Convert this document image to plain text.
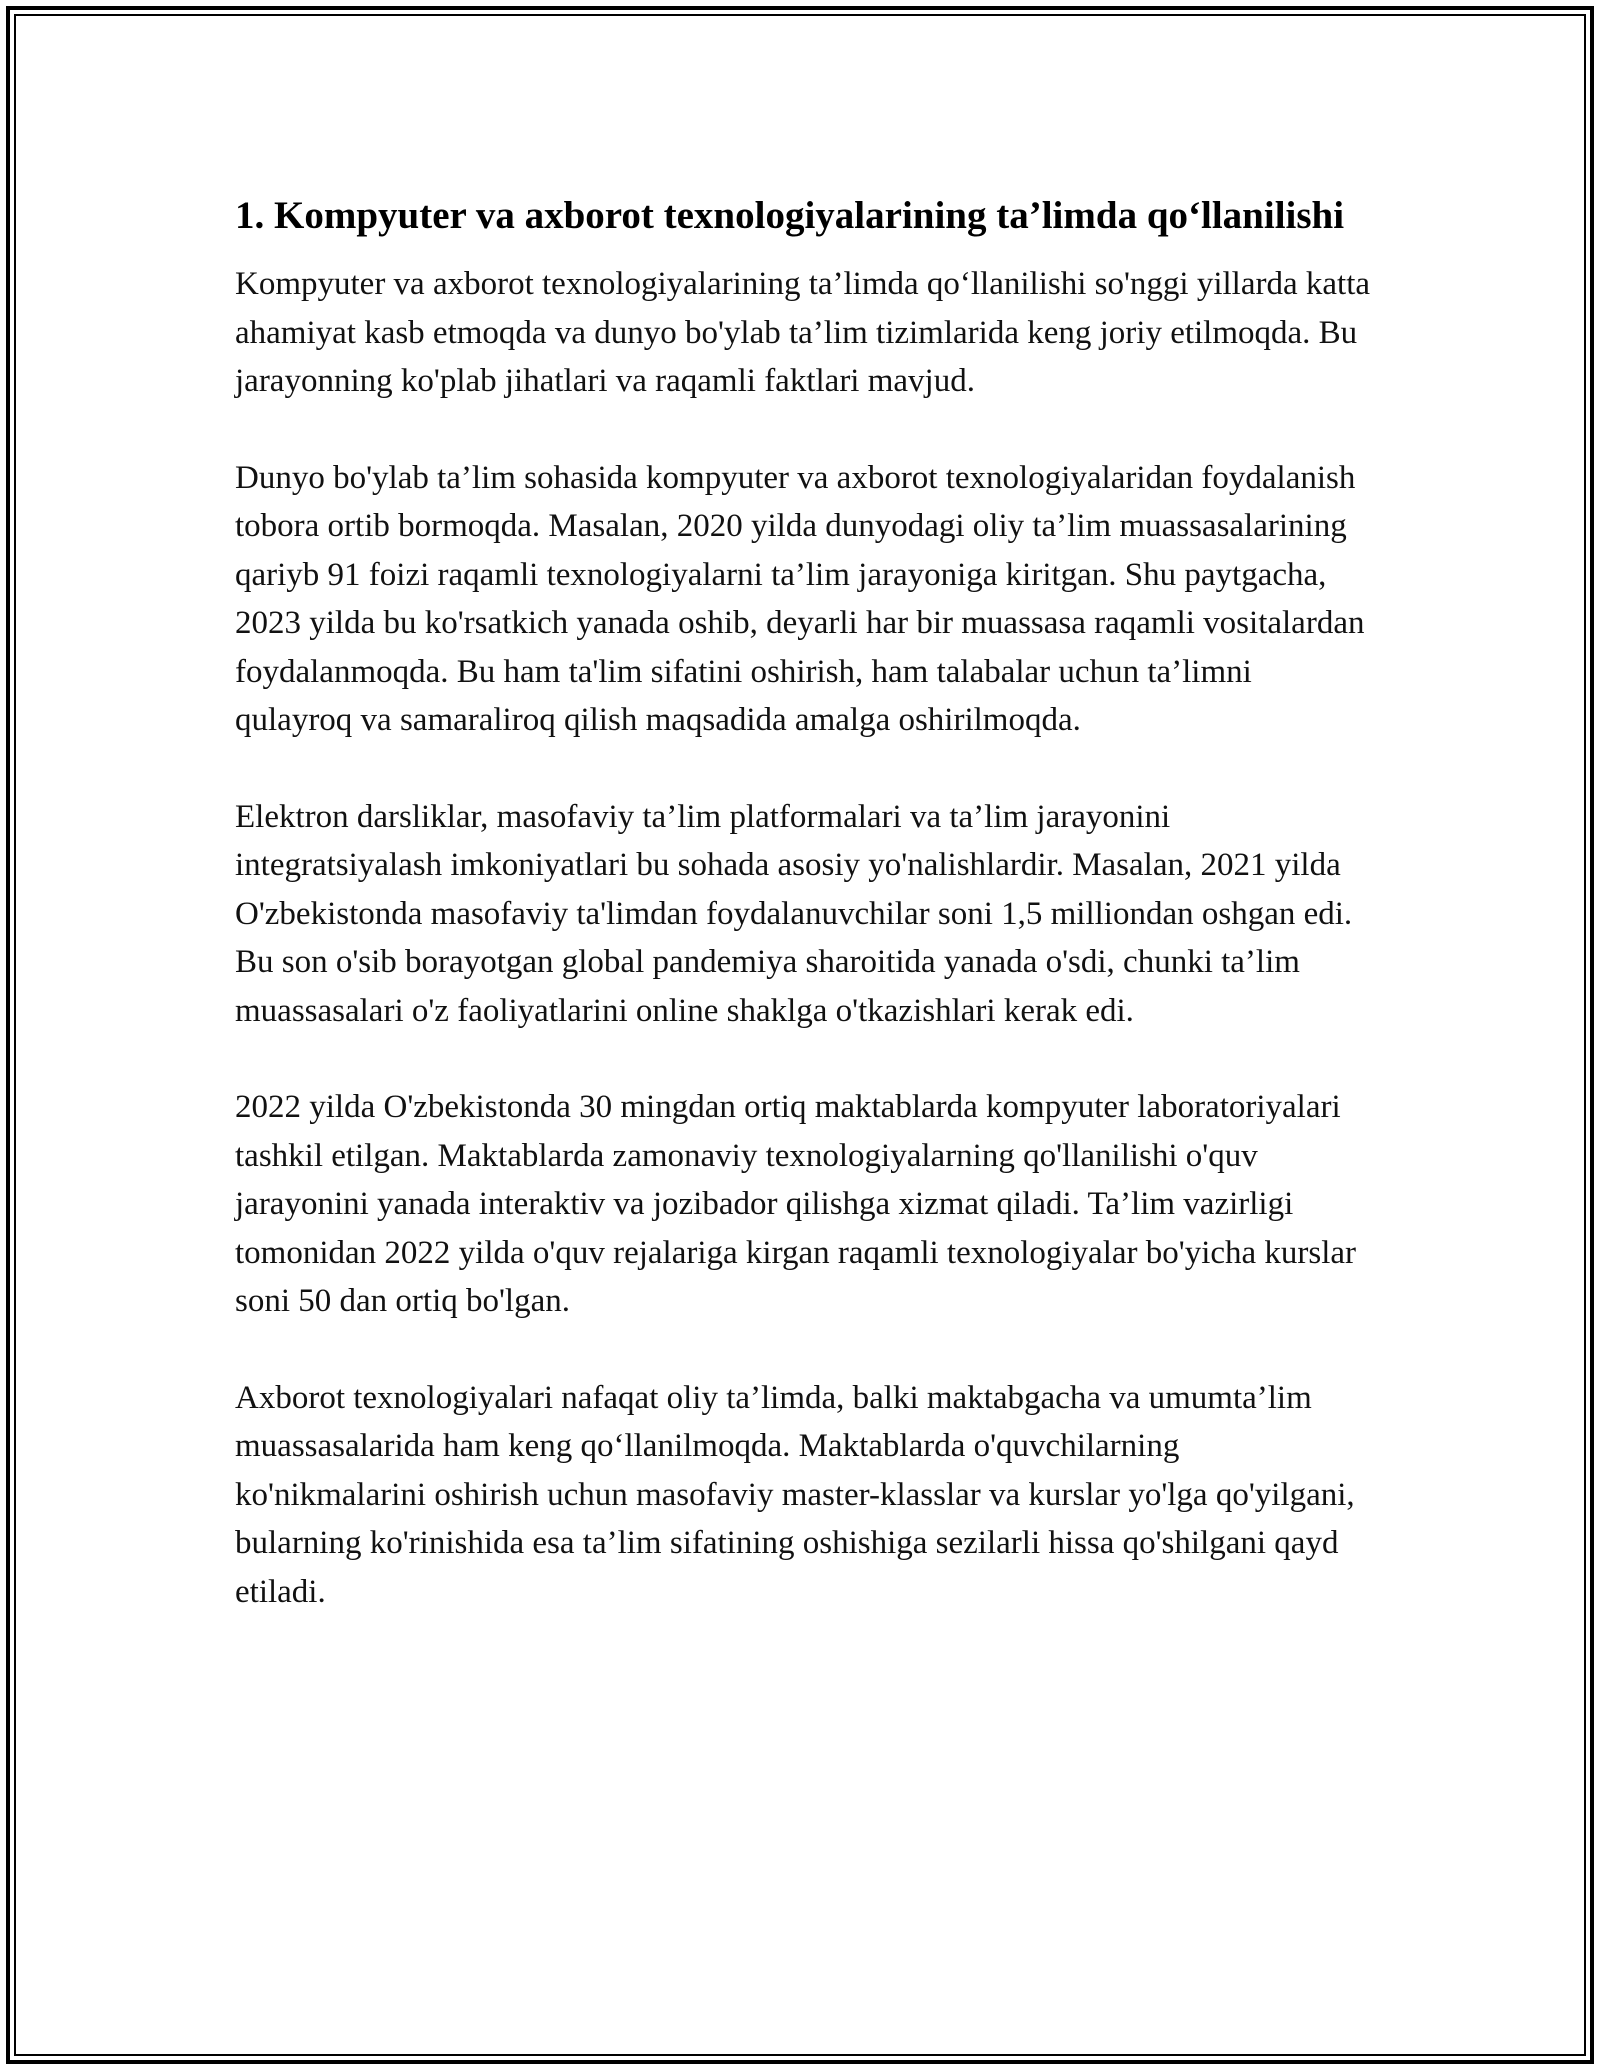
1. Kompyuter va axborot texnologiyalarining ta’limda qo‘llanilishi

Kompyuter va axborot texnologiyalarining ta’limda qo‘llanilishi so'nggi yillarda katta ahamiyat kasb etmoqda va dunyo bo'ylab ta’lim tizimlarida keng joriy etilmoqda. Bu jarayonning ko'plab jihatlari va raqamli faktlari mavjud.

Dunyo bo'ylab ta’lim sohasida kompyuter va axborot texnologiyalaridan foydalanish tobora ortib bormoqda. Masalan, 2020 yilda dunyodagi oliy ta’lim muassasalarining qariyb 91 foizi raqamli texnologiyalarni ta’lim jarayoniga kiritgan. Shu paytgacha, 2023 yilda bu ko'rsatkich yanada oshib, deyarli har bir muassasa raqamli vositalardan foydalanmoqda. Bu ham ta'lim sifatini oshirish, ham talabalar uchun ta’limni qulayroq va samaraliroq qilish maqsadida amalga oshirilmoqda.

Elektron darsliklar, masofaviy ta’lim platformalari va ta’lim jarayonini integratsiyalash imkoniyatlari bu sohada asosiy yo'nalishlardir. Masalan, 2021 yilda O'zbekistonda masofaviy ta'limdan foydalanuvchilar soni 1,5 milliondan oshgan edi. Bu son o'sib borayotgan global pandemiya sharoitida yanada o'sdi, chunki ta’lim muassasalari o'z faoliyatlarini online shaklga o'tkazishlari kerak edi.

2022 yilda O'zbekistonda 30 mingdan ortiq maktablarda kompyuter laboratoriyalari tashkil etilgan. Maktablarda zamonaviy texnologiyalarning qo'llanilishi o'quv jarayonini yanada interaktiv va jozibador qilishga xizmat qiladi. Ta’lim vazirligi tomonidan 2022 yilda o'quv rejalariga kirgan raqamli texnologiyalar bo'yicha kurslar soni 50 dan ortiq bo'lgan.

Axborot texnologiyalari nafaqat oliy ta’limda, balki maktabgacha va umumta’lim muassasalarida ham keng qo‘llanilmoqda. Maktablarda o'quvchilarning ko'nikmalarini oshirish uchun masofaviy master-klasslar va kurslar yo'lga qo'yilgani, bularning ko'rinishida esa ta’lim sifatining oshishiga sezilarli hissa qo'shilgani qayd etiladi.
